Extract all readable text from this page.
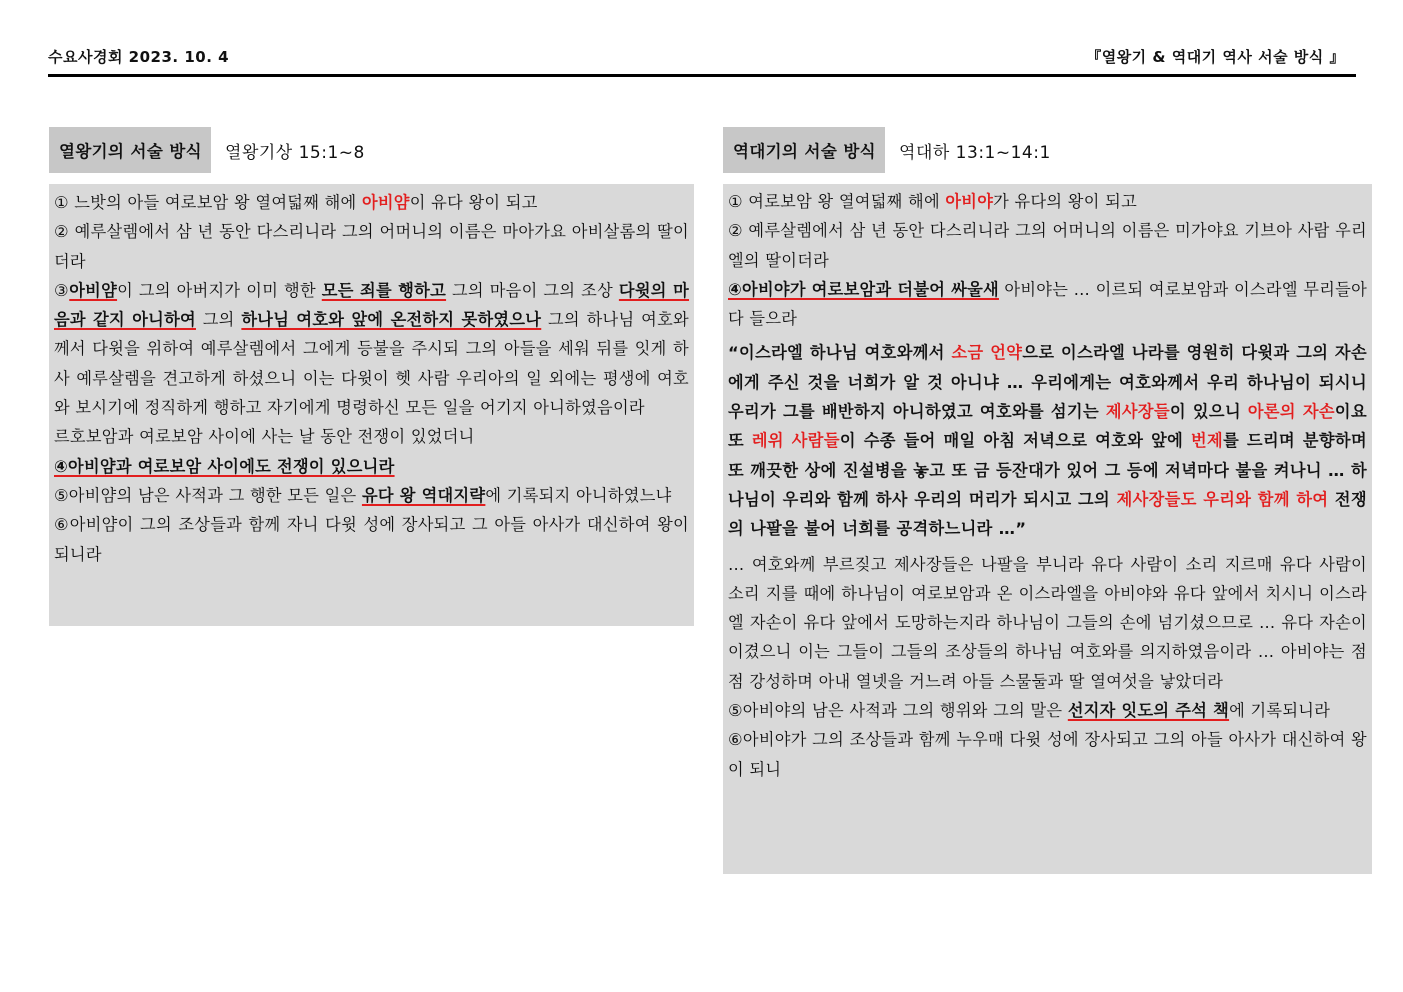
수요사경회 2023. 10. 4	『열왕기 & 역대기 역사 서술 방식 』
열왕기의 서술 방식	열왕기상 15:1~8

① 느밧의 아들 여로보암 왕 열여덟째 해에 아비얌이 유다 왕이 되고

② 예루살렘에서 삼 년 동안 다스리니라 그의 어머니의 이름은 마아가요 아비살롬의 딸이더라

③아비얌이 그의 아버지가 이미 행한 모든 죄를 행하고 그의 마음이 그의 조상 다윗의 마음과 같지 아니하여 그의 하나님 여호와 앞에 온전하지 못하였으나 그의 하나님 여호와께서 다윗을 위하여 예루살렘에서 그에게 등불을 주시되 그의 아들을 세워 뒤를 잇게 하사 예루살렘을 견고하게 하셨으니 이는 다윗이 헷 사람 우리아의 일 외에는 평생에 여호와 보시기에 정직하게 행하고 자기에게 명령하신 모든 일을 어기지 아니하였음이라

르호보암과 여로보암 사이에 사는 날 동안 전쟁이 있었더니

④아비얌과 여로보암 사이에도 전쟁이 있으니라

⑤아비얌의 남은 사적과 그 행한 모든 일은 유다 왕 역대지략에 기록되지 아니하였느냐

⑥아비얌이 그의 조상들과 함께 자니 다윗 성에 장사되고 그 아들 아사가 대신하여 왕이 되니라

역대기의 서술 방식	역대하 13:1~14:1

① 여로보암 왕 열여덟째 해에 아비야가 유다의 왕이 되고

② 예루살렘에서 삼 년 동안 다스리니라 그의 어머니의 이름은 미가야요 기브아 사람 우리엘의 딸이더라

④아비야가 여로보암과 더불어 싸울새 아비야는 … 이르되 여로보암과 이스라엘 무리들아 다 들으라

“이스라엘 하나님 여호와께서 소금 언약으로 이스라엘 나라를 영원히 다윗과 그의 자손에게 주신 것을 너희가 알 것 아니냐 … 우리에게는 여호와께서 우리 하나님이 되시니 우리가 그를 배반하지 아니하였고 여호와를 섬기는 제사장들이 있으니 아론의 자손이요 또 레위 사람들이 수종 들어 매일 아침 저녁으로 여호와 앞에 번제를 드리며 분향하며 또 깨끗한 상에 진설병을 놓고 또 금 등잔대가 있어 그 등에 저녁마다 불을 켜나니 … 하나님이 우리와 함께 하사 우리의 머리가 되시고 그의 제사장들도 우리와 함께 하여 전쟁의 나팔을 불어 너희를 공격하느니라 …”

… 여호와께 부르짖고 제사장들은 나팔을 부니라 유다 사람이 소리 지르매 유다 사람이 소리 지를 때에 하나님이 여로보암과 온 이스라엘을 아비야와 유다 앞에서 치시니 이스라엘 자손이 유다 앞에서 도망하는지라 하나님이 그들의 손에 넘기셨으므로 … 유다 자손이 이겼으니 이는 그들이 그들의 조상들의 하나님 여호와를 의지하였음이라 … 아비야는 점점 강성하며 아내 열넷을 거느려 아들 스물둘과 딸 열여섯을 낳았더라

⑤아비야의 남은 사적과 그의 행위와 그의 말은 선지자 잇도의 주석 책에 기록되니라

⑥아비야가 그의 조상들과 함께 누우매 다윗 성에 장사되고 그의 아들 아사가 대신하여 왕이 되니
